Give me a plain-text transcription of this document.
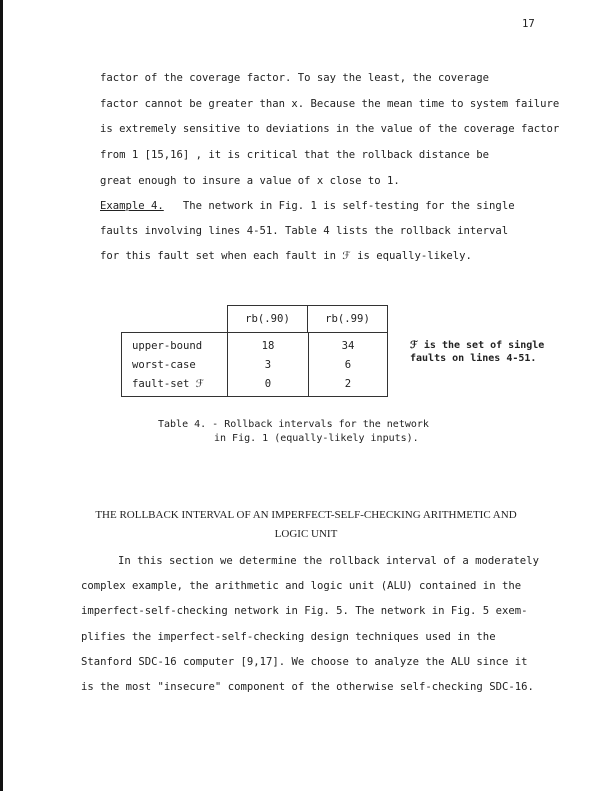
17
factor of the coverage factor. To say the least, the coverage
factor cannot be greater than x. Because the mean time to system failure
is extremely sensitive to deviations in the value of the coverage factor
from 1 [15,16] , it is critical that the rollback distance be
great enough to insure a value of x close to 1.
Example 4.   The network in Fig. 1 is self-testing for the single
faults involving lines 4-51. Table 4 lists the rollback interval
for this fault set when each fault in ℱ is equally-likely.
rb(.90)	rb(.99)
upper-bound
worst-case
fault-set ℱ
18
3
0
34
6
2
ℱ is the set of single
faults on lines 4-51.
Table 4. - Rollback intervals for the network
in Fig. 1 (equally-likely inputs).
THE ROLLBACK INTERVAL OF AN IMPERFECT-SELF-CHECKING ARITHMETIC AND
LOGIC UNIT
In this section we determine the rollback interval of a moderately
complex example, the arithmetic and logic unit (ALU) contained in the
imperfect-self-checking network in Fig. 5. The network in Fig. 5 exem-
plifies the imperfect-self-checking design techniques used in the
Stanford SDC-16 computer [9,17]. We choose to analyze the ALU since it
is the most "insecure" component of the otherwise self-checking SDC-16.
